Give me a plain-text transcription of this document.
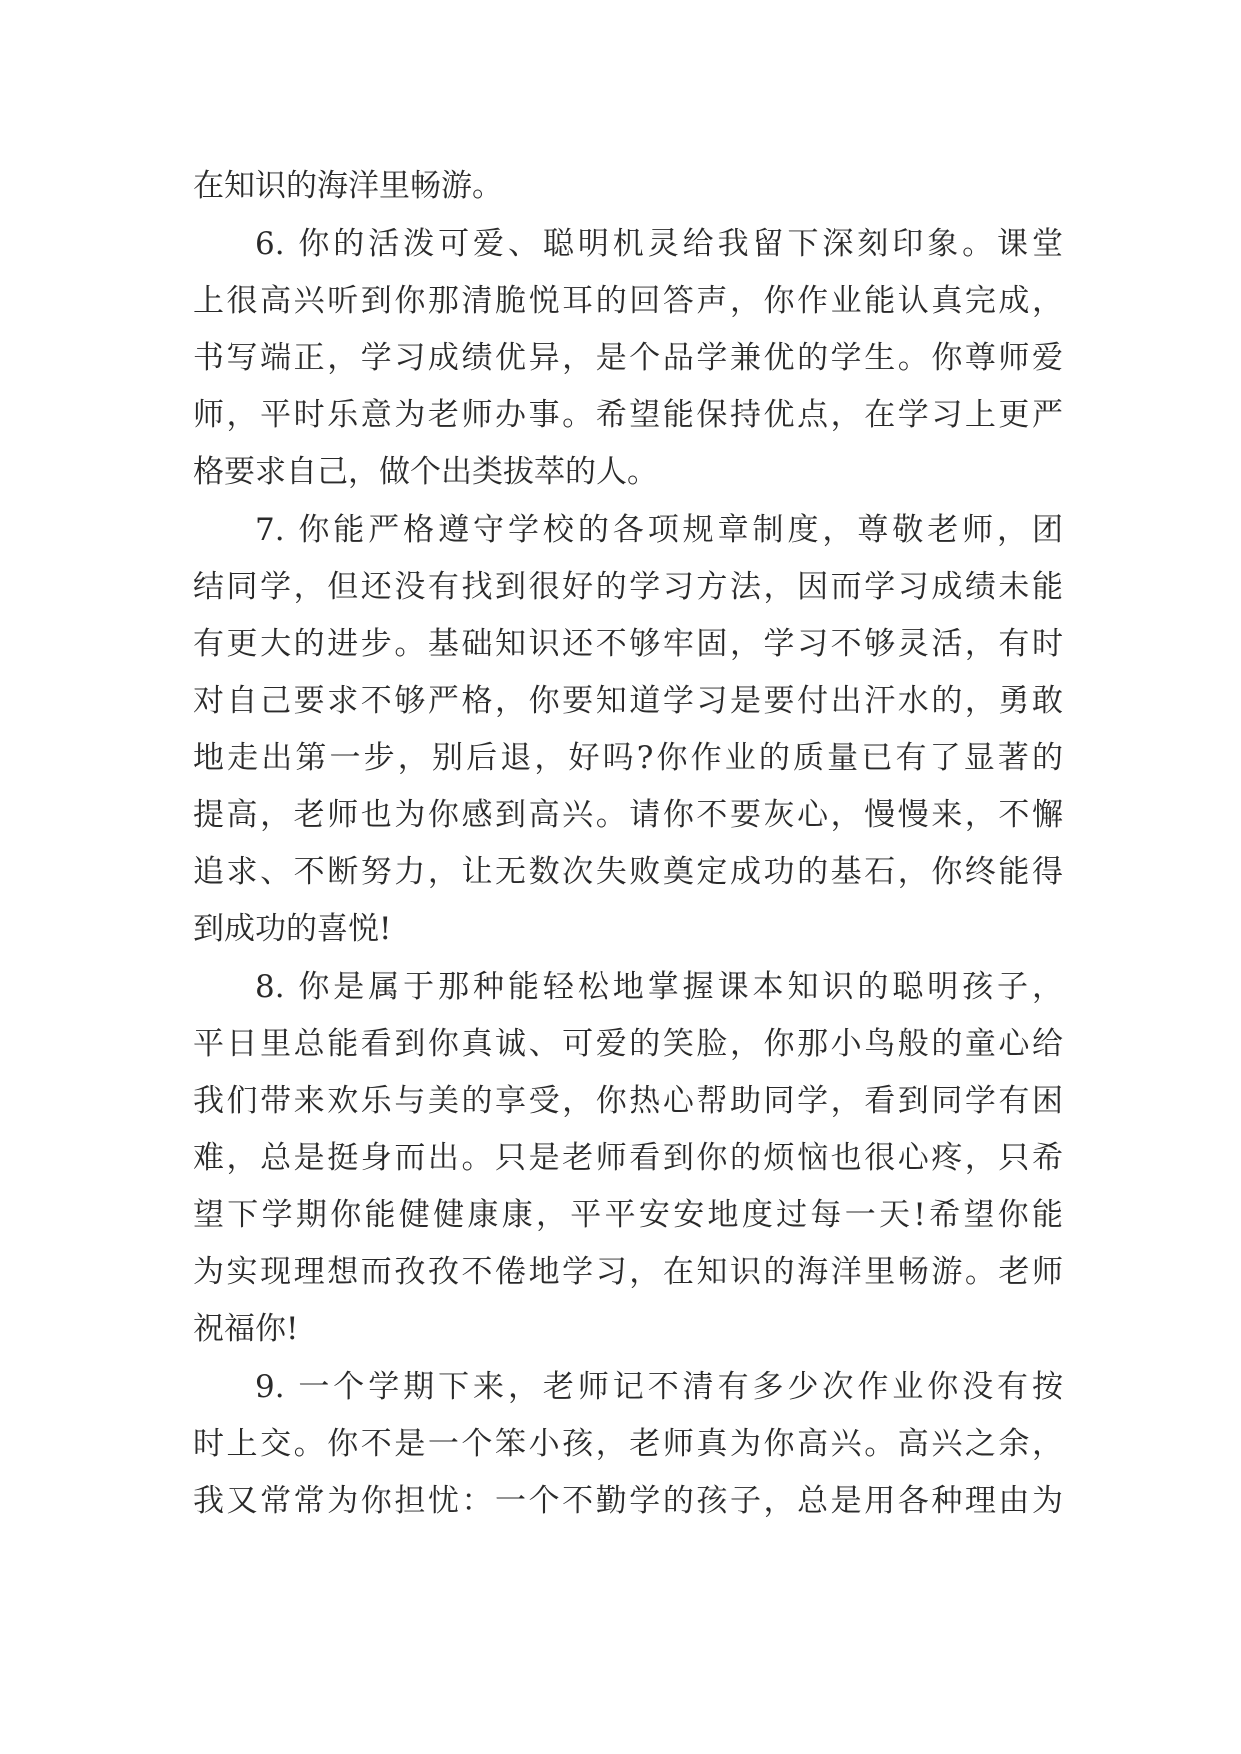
在知识的海洋里畅游。
6. 你的活泼可爱、聪明机灵给我留下深刻印象。课堂
上很高兴听到你那清脆悦耳的回答声，你作业能认真完成，
书写端正，学习成绩优异，是个品学兼优的学生。你尊师爱
师，平时乐意为老师办事。希望能保持优点，在学习上更严
格要求自己，做个出类拔萃的人。
7. 你能严格遵守学校的各项规章制度，尊敬老师，团
结同学，但还没有找到很好的学习方法，因而学习成绩未能
有更大的进步。基础知识还不够牢固，学习不够灵活，有时
对自己要求不够严格，你要知道学习是要付出汗水的，勇敢
地走出第一步，别后退，好吗?你作业的质量已有了显著的
提高，老师也为你感到高兴。请你不要灰心，慢慢来，不懈
追求、不断努力，让无数次失败奠定成功的基石，你终能得
到成功的喜悦!
8. 你是属于那种能轻松地掌握课本知识的聪明孩子，
平日里总能看到你真诚、可爱的笑脸，你那小鸟般的童心给
我们带来欢乐与美的享受，你热心帮助同学，看到同学有困
难，总是挺身而出。只是老师看到你的烦恼也很心疼，只希
望下学期你能健健康康，平平安安地度过每一天!希望你能
为实现理想而孜孜不倦地学习，在知识的海洋里畅游。老师
祝福你!
9. 一个学期下来，老师记不清有多少次作业你没有按
时上交。你不是一个笨小孩，老师真为你高兴。高兴之余，
我又常常为你担忧：一个不勤学的孩子，总是用各种理由为
